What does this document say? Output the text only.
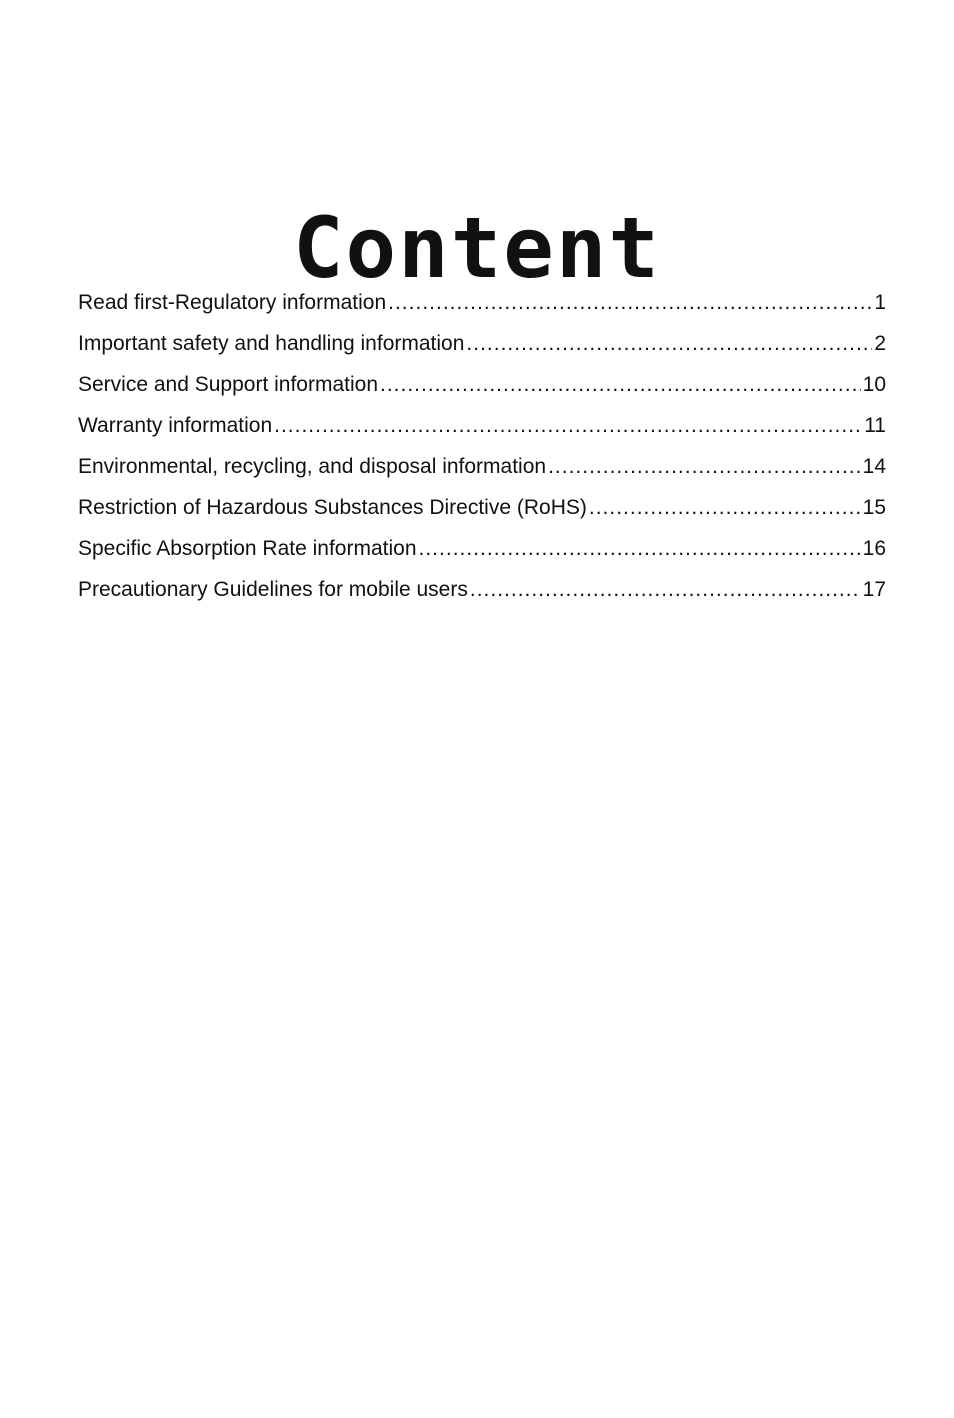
Content
Read first-Regulatory information .....	1
Important safety and handling information .....	2
Service and Support information .....	10
Warranty information .....	11
Environmental, recycling, and disposal information .....	14
Restriction of Hazardous Substances Directive (RoHS) .....	15
Specific Absorption Rate information .....	16
Precautionary Guidelines for mobile users .....	17
